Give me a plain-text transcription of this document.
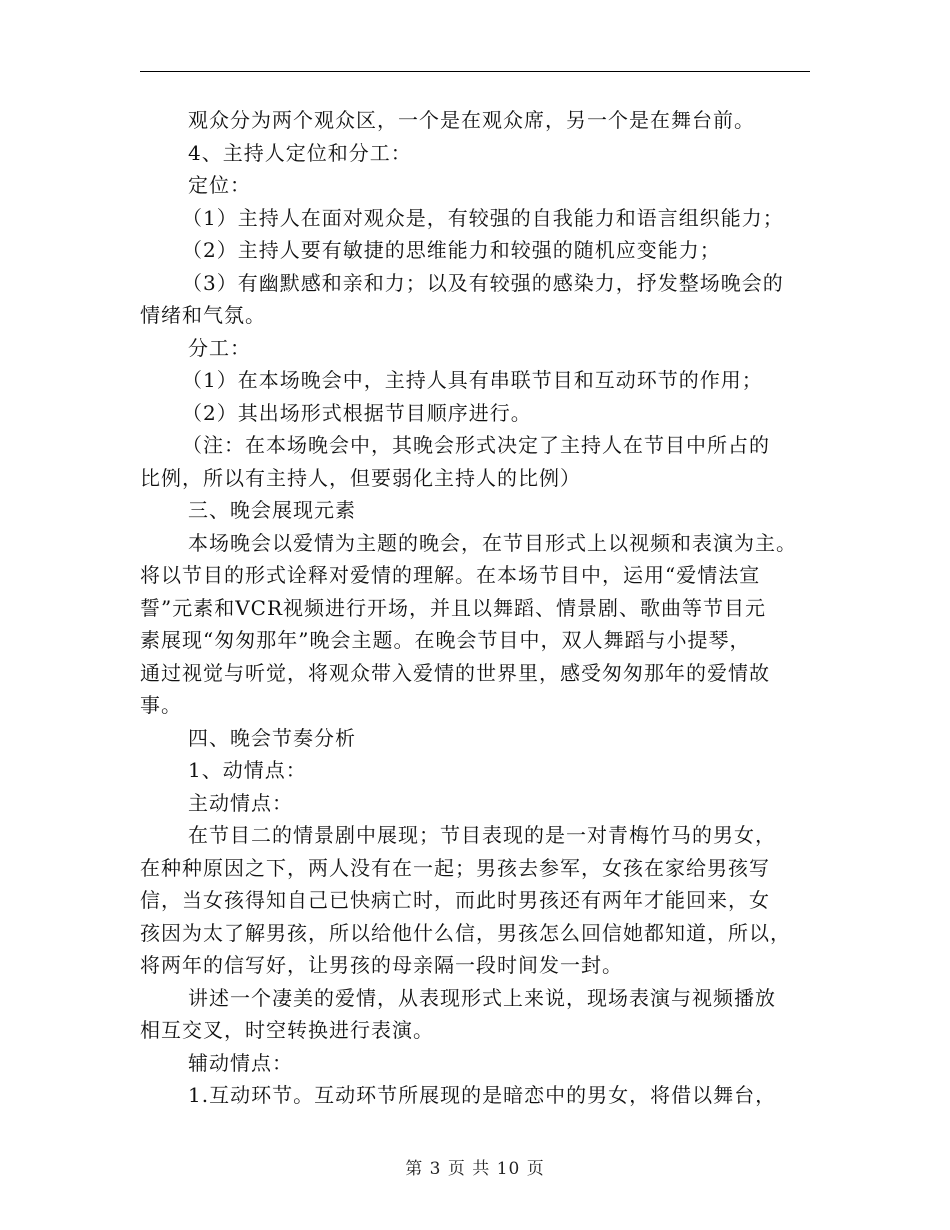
观众分为两个观众区，一个是在观众席，另一个是在舞台前。

4、主持人定位和分工：

定位：

（1）主持人在面对观众是，有较强的自我能力和语言组织能力；

（2）主持人要有敏捷的思维能力和较强的随机应变能力；

（3）有幽默感和亲和力；以及有较强的感染力，抒发整场晚会的

情绪和气氛。

分工：

（1）在本场晚会中，主持人具有串联节目和互动环节的作用；

（2）其出场形式根据节目顺序进行。

（注：在本场晚会中，其晚会形式决定了主持人在节目中所占的

比例，所以有主持人，但要弱化主持人的比例）

三、晚会展现元素

本场晚会以爱情为主题的晚会，在节目形式上以视频和表演为主。

将以节目的形式诠释对爱情的理解。在本场节目中，运用“爱情法宣

誓”元素和VCR视频进行开场，并且以舞蹈、情景剧、歌曲等节目元

素展现“匆匆那年”晚会主题。在晚会节目中，双人舞蹈与小提琴，

通过视觉与听觉，将观众带入爱情的世界里，感受匆匆那年的爱情故

事。

四、晚会节奏分析

1、动情点：

主动情点：

在节目二的情景剧中展现；节目表现的是一对青梅竹马的男女，

在种种原因之下，两人没有在一起；男孩去参军，女孩在家给男孩写

信，当女孩得知自己已快病亡时，而此时男孩还有两年才能回来，女

孩因为太了解男孩，所以给他什么信，男孩怎么回信她都知道，所以，

将两年的信写好，让男孩的母亲隔一段时间发一封。

讲述一个凄美的爱情，从表现形式上来说，现场表演与视频播放

相互交叉，时空转换进行表演。

辅动情点：

1.互动环节。互动环节所展现的是暗恋中的男女，将借以舞台，

第 3 页 共 10 页
